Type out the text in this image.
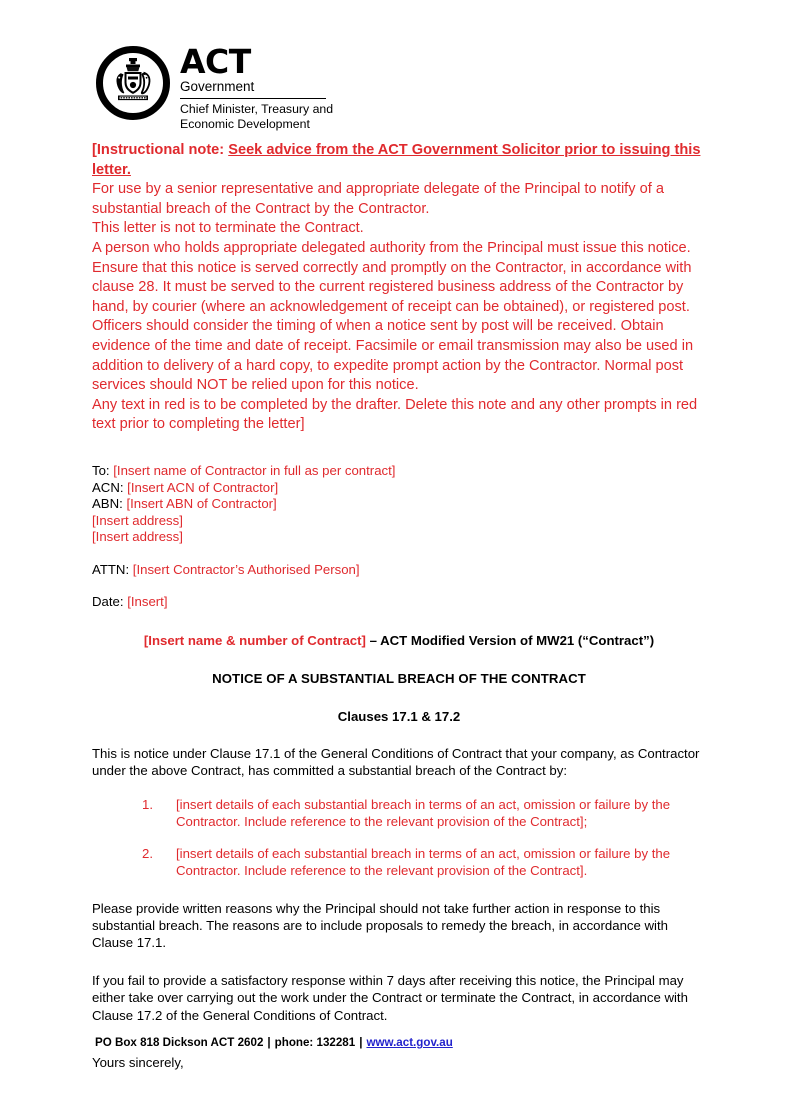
ACT
Government
Chief Minister, Treasury and
Economic Development
[Instructional note: Seek advice from the ACT Government Solicitor prior to issuing this letter.
For use by a senior representative and appropriate delegate of the Principal to notify of a substantial breach of the Contract by the Contractor.
This letter is not to terminate the Contract.
A person who holds appropriate delegated authority from the Principal must issue this notice.
Ensure that this notice is served correctly and promptly on the Contractor, in accordance with clause 28. It must be served to the current registered business address of the Contractor by hand, by courier (where an acknowledgement of receipt can be obtained), or registered post. Officers should consider the timing of when a notice sent by post will be received. Obtain evidence of the time and date of receipt. Facsimile or email transmission may also be used in addition to delivery of a hard copy, to expedite prompt action by the Contractor. Normal post services should NOT be relied upon for this notice.
Any text in red is to be completed by the drafter. Delete this note and any other prompts in red text prior to completing the letter]
To: [Insert name of Contractor in full as per contract]
ACN: [Insert ACN of Contractor]
ABN: [Insert ABN of Contractor]
[Insert address]
[Insert address]
ATTN: [Insert Contractor’s Authorised Person]
Date: [Insert]
[Insert name & number of Contract] – ACT Modified Version of MW21 (“Contract”)
NOTICE OF A SUBSTANTIAL BREACH OF THE CONTRACT
Clauses 17.1 & 17.2
This is notice under Clause 17.1 of the General Conditions of Contract that your company, as Contractor under the above Contract, has committed a substantial breach of the Contract by:
1.	[insert details of each substantial breach in terms of an act, omission or failure by the Contractor. Include reference to the relevant provision of the Contract];
2.	[insert details of each substantial breach in terms of an act, omission or failure by the Contractor. Include reference to the relevant provision of the Contract].
Please provide written reasons why the Principal should not take further action in response to this substantial breach. The reasons are to include proposals to remedy the breach, in accordance with Clause 17.1.
If you fail to provide a satisfactory response within 7 days after receiving this notice, the Principal may either take over carrying out the work under the Contract or terminate the Contract, in accordance with Clause 17.2 of the General Conditions of Contract.
Yours sincerely,
PO Box 818 Dickson ACT 2602 | phone: 132281 | www.act.gov.au
